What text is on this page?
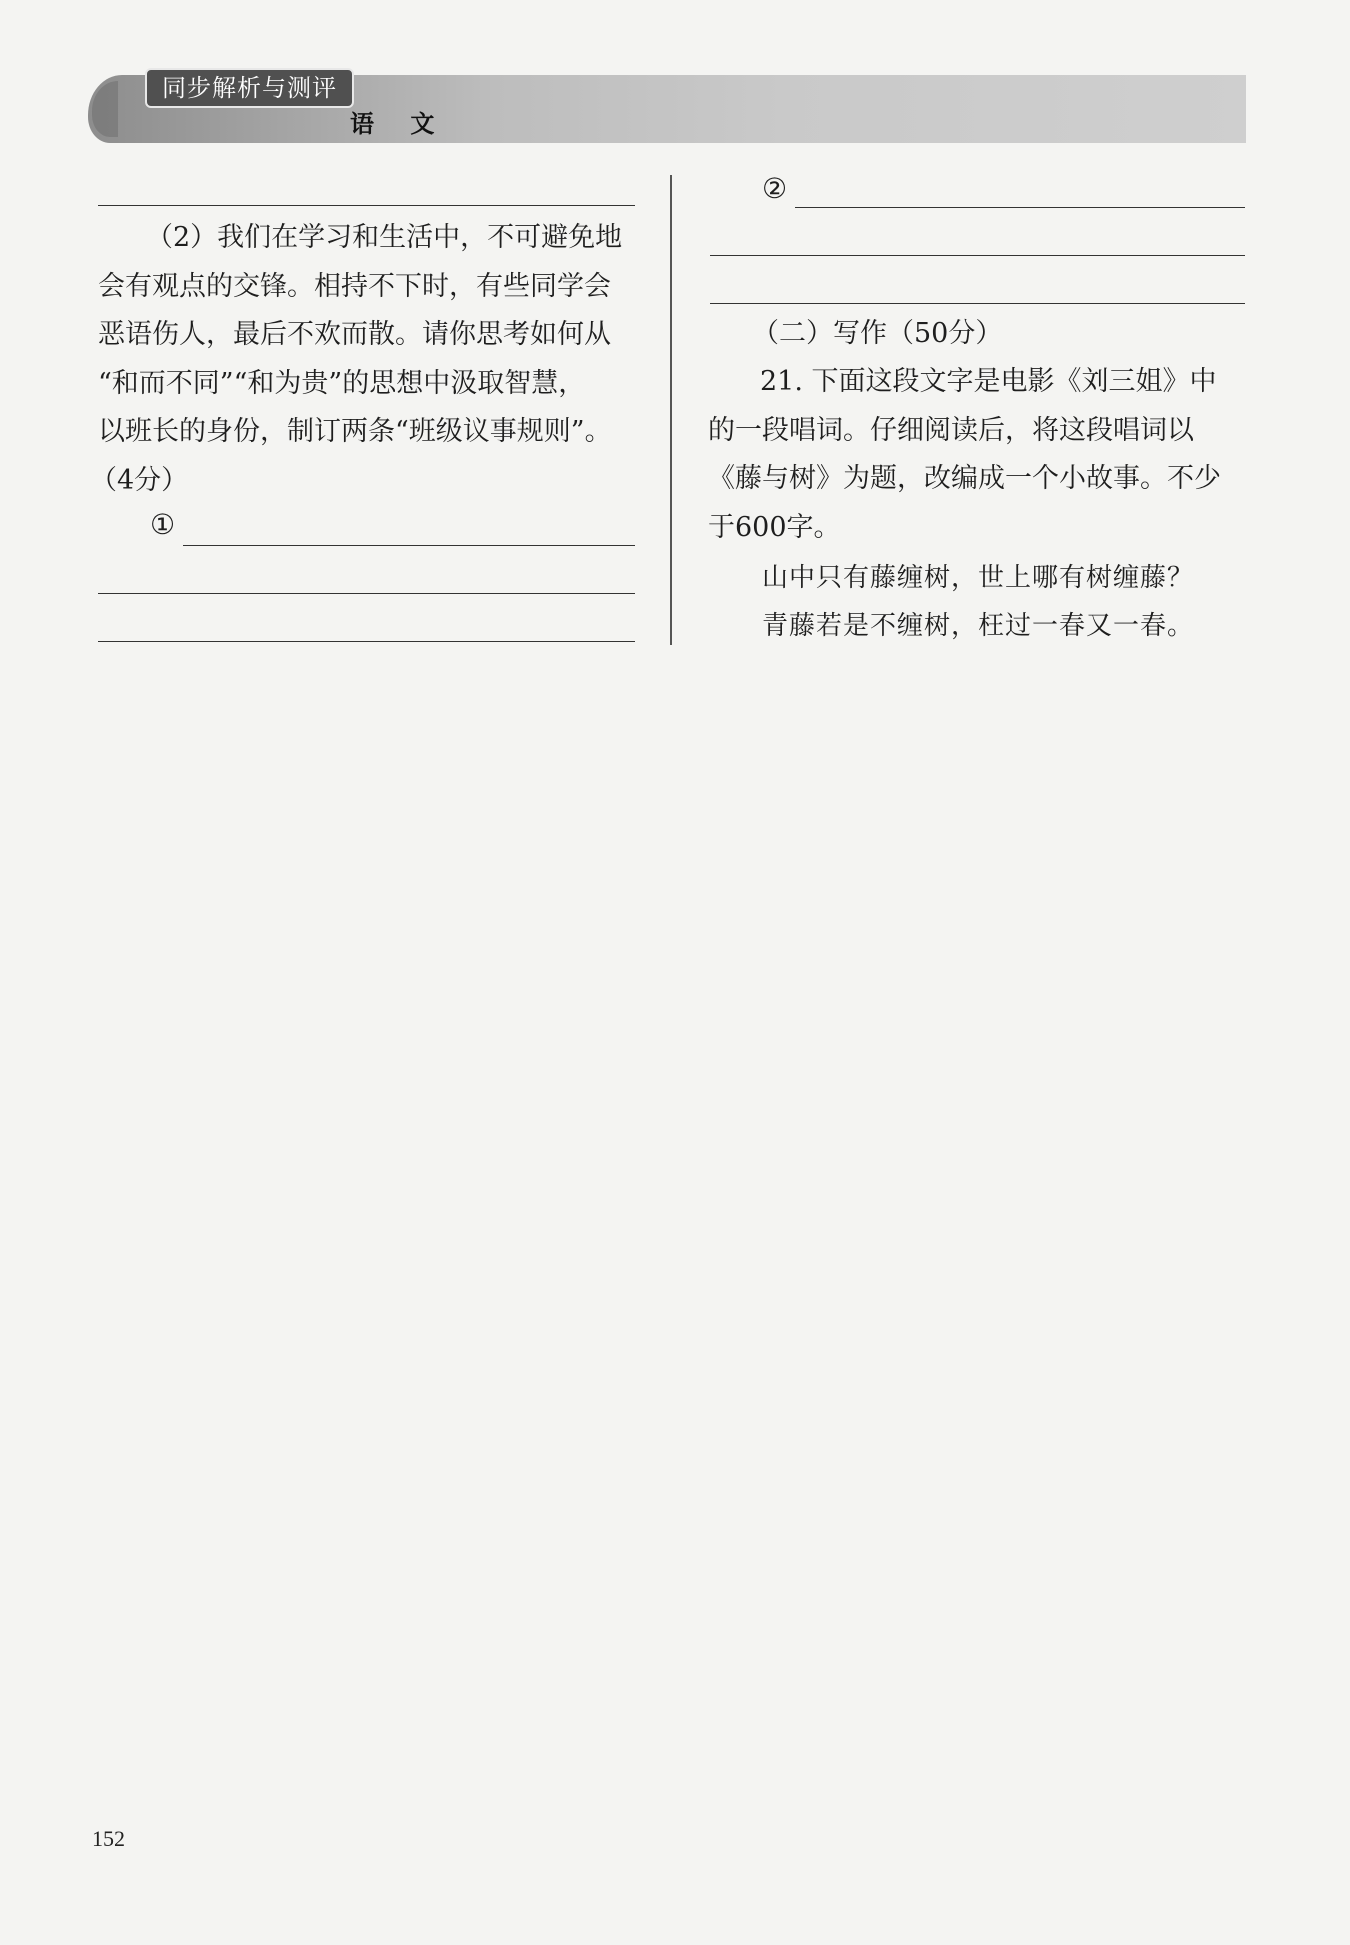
同步解析与测评
语 文
（2）我们在学习和生活中，不可避免地
会有观点的交锋。相持不下时，有些同学会
恶语伤人，最后不欢而散。请你思考如何从
“和而不同”“和为贵”的思想中汲取智慧，
以班长的身份，制订两条“班级议事规则”。
（4分）
①
②
（二）写作（50分）
21. 下面这段文字是电影《刘三姐》中
的一段唱词。仔细阅读后，将这段唱词以
《藤与树》为题，改编成一个小故事。不少
于600字。
山中只有藤缠树，世上哪有树缠藤？
青藤若是不缠树，枉过一春又一春。
152
